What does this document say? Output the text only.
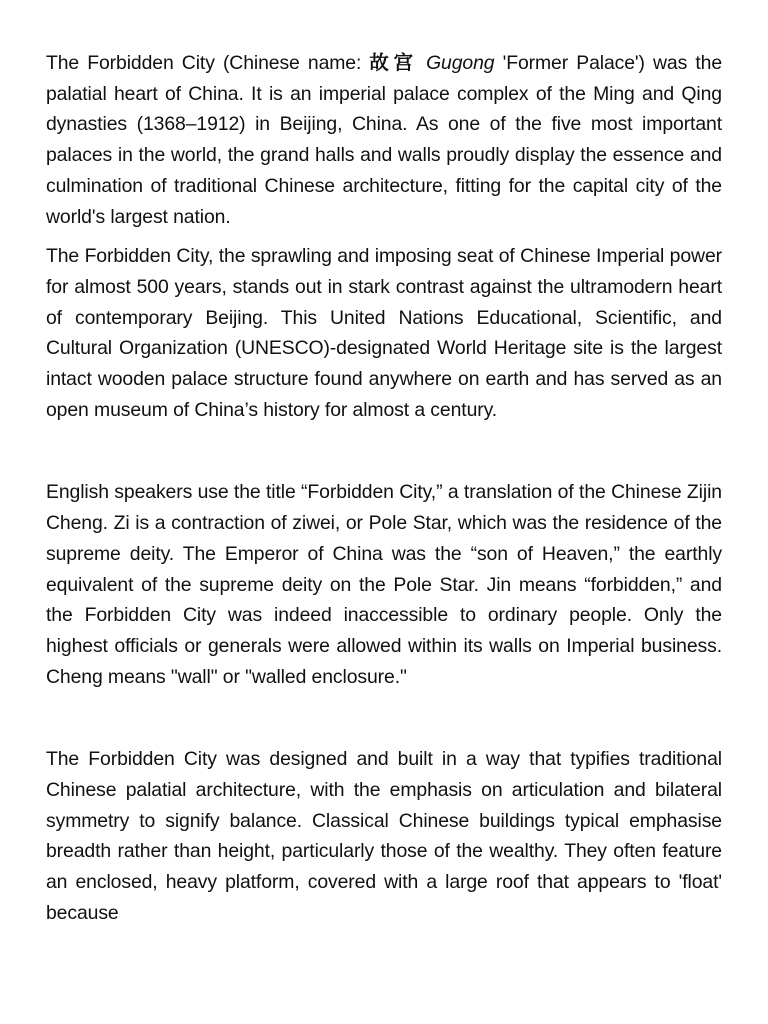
The Forbidden City (Chinese name: 故宫 Gugong 'Former Palace') was the palatial heart of China. It is an imperial palace complex of the Ming and Qing dynasties (1368–1912) in Beijing, China. As one of the five most important palaces in the world, the grand halls and walls proudly display the essence and culmination of traditional Chinese architecture, fitting for the capital city of the world's largest nation.

The Forbidden City, the sprawling and imposing seat of Chinese Imperial power for almost 500 years, stands out in stark contrast against the ultramodern heart of contemporary Beijing. This United Nations Educational, Scientific, and Cultural Organization (UNESCO)-designated World Heritage site is the largest intact wooden palace structure found anywhere on earth and has served as an open museum of China’s history for almost a century.

English speakers use the title “Forbidden City,” a translation of the Chinese Zijin Cheng. Zi is a contraction of ziwei, or Pole Star, which was the residence of the supreme deity. The Emperor of China was the “son of Heaven,” the earthly equivalent of the supreme deity on the Pole Star. Jin means “forbidden,” and the Forbidden City was indeed inaccessible to ordinary people. Only the highest officials or generals were allowed within its walls on Imperial business. Cheng means "wall" or "walled enclosure."

The Forbidden City was designed and built in a way that typifies traditional Chinese palatial architecture, with the emphasis on articulation and bilateral symmetry to signify balance. Classical Chinese buildings typical emphasise breadth rather than height, particularly those of the wealthy. They often feature an enclosed, heavy platform, covered with a large roof that appears to 'float' because
